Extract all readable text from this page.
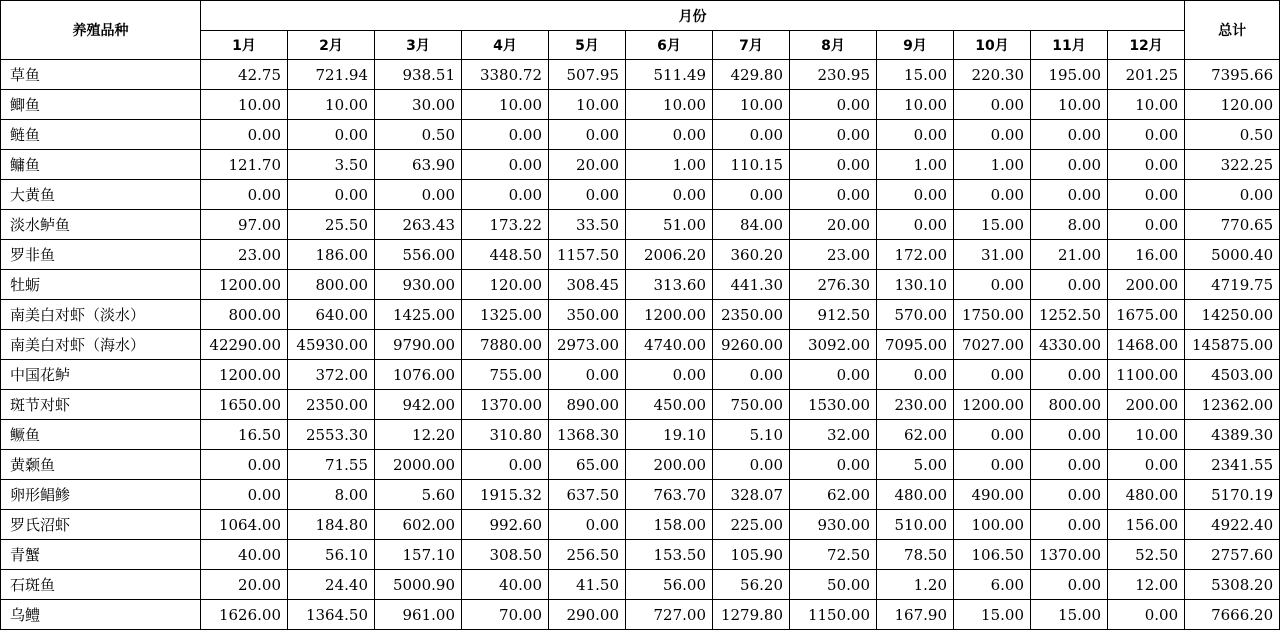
养殖品种	月份												总计
	1月	2月	3月	4月	5月	6月	7月	8月	9月	10月	11月	12月	
草鱼	42.75	721.94	938.51	3380.72	507.95	511.49	429.80	230.95	15.00	220.30	195.00	201.25	7395.66
鲫鱼	10.00	10.00	30.00	10.00	10.00	10.00	10.00	0.00	10.00	0.00	10.00	10.00	120.00
鲢鱼	0.00	0.00	0.50	0.00	0.00	0.00	0.00	0.00	0.00	0.00	0.00	0.00	0.50
鳙鱼	121.70	3.50	63.90	0.00	20.00	1.00	110.15	0.00	1.00	1.00	0.00	0.00	322.25
大黄鱼	0.00	0.00	0.00	0.00	0.00	0.00	0.00	0.00	0.00	0.00	0.00	0.00	0.00
淡水鲈鱼	97.00	25.50	263.43	173.22	33.50	51.00	84.00	20.00	0.00	15.00	8.00	0.00	770.65
罗非鱼	23.00	186.00	556.00	448.50	1157.50	2006.20	360.20	23.00	172.00	31.00	21.00	16.00	5000.40
牡蛎	1200.00	800.00	930.00	120.00	308.45	313.60	441.30	276.30	130.10	0.00	0.00	200.00	4719.75
南美白对虾（淡水）	800.00	640.00	1425.00	1325.00	350.00	1200.00	2350.00	912.50	570.00	1750.00	1252.50	1675.00	14250.00
南美白对虾（海水）	42290.00	45930.00	9790.00	7880.00	2973.00	4740.00	9260.00	3092.00	7095.00	7027.00	4330.00	1468.00	145875.00
中国花鲈	1200.00	372.00	1076.00	755.00	0.00	0.00	0.00	0.00	0.00	0.00	0.00	1100.00	4503.00
斑节对虾	1650.00	2350.00	942.00	1370.00	890.00	450.00	750.00	1530.00	230.00	1200.00	800.00	200.00	12362.00
鳜鱼	16.50	2553.30	12.20	310.80	1368.30	19.10	5.10	32.00	62.00	0.00	0.00	10.00	4389.30
黄颡鱼	0.00	71.55	2000.00	0.00	65.00	200.00	0.00	0.00	5.00	0.00	0.00	0.00	2341.55
卵形鲳鲹	0.00	8.00	5.60	1915.32	637.50	763.70	328.07	62.00	480.00	490.00	0.00	480.00	5170.19
罗氏沼虾	1064.00	184.80	602.00	992.60	0.00	158.00	225.00	930.00	510.00	100.00	0.00	156.00	4922.40
青蟹	40.00	56.10	157.10	308.50	256.50	153.50	105.90	72.50	78.50	106.50	1370.00	52.50	2757.60
石斑鱼	20.00	24.40	5000.90	40.00	41.50	56.00	56.20	50.00	1.20	6.00	0.00	12.00	5308.20
乌鳢	1626.00	1364.50	961.00	70.00	290.00	727.00	1279.80	1150.00	167.90	15.00	15.00	0.00	7666.20
